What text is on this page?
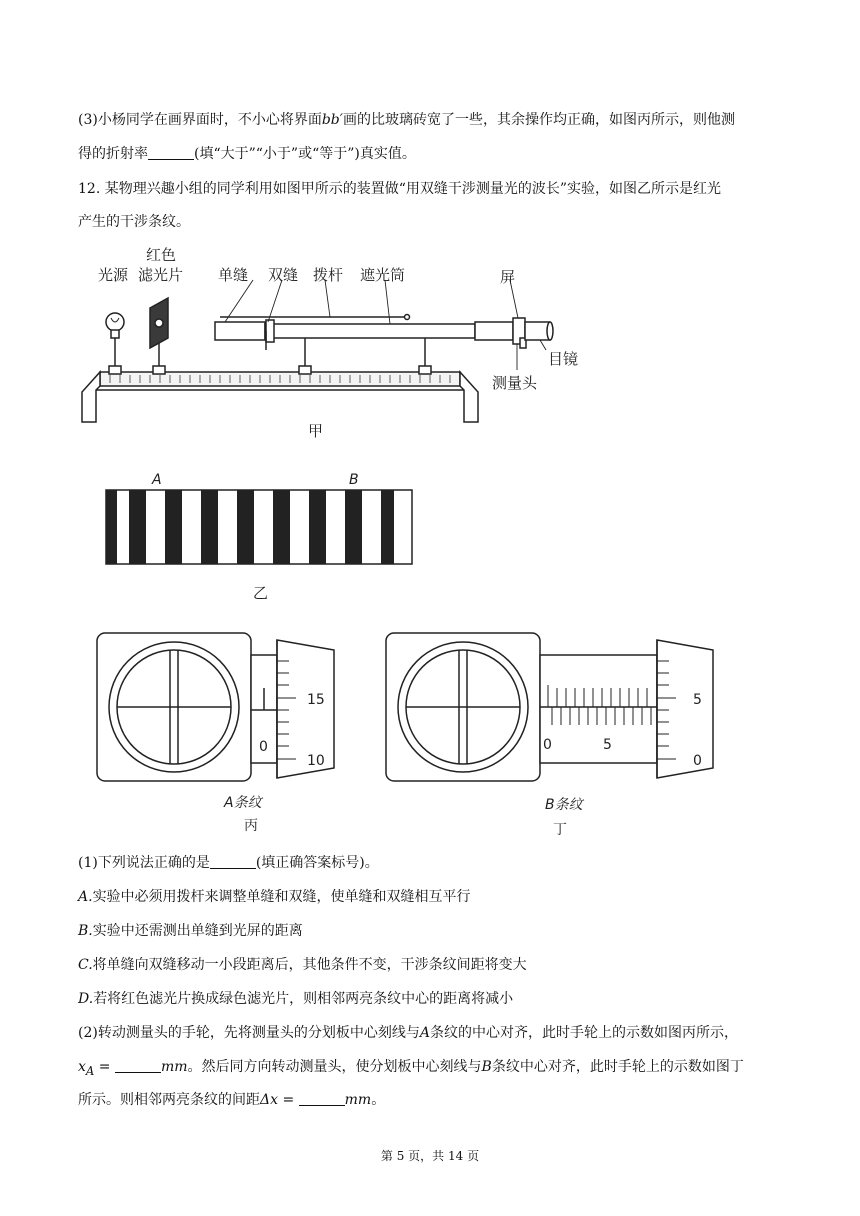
(3)小杨同学在画界面时，不小心将界面bb′画的比玻璃砖宽了一些，其余操作均正确，如图丙所示，则他测

得的折射率	(填“大于”“小于”或“等于”)真实值。

12. 某物理兴趣小组的同学利用如图甲所示的装置做“用双缝干涉测量光的波长”实验，如图乙所示是红光

产生的干涉条纹。

光源
红色
滤光片 单缝 双缝 拨杆 遮光筒	屏
目镜
测量头
甲
A	B
乙
15
0
10
A条纹
丙
5
0	5
0
B条纹
丁

(1)下列说法正确的是	(填正确答案标号)。

A.实验中必须用拨杆来调整单缝和双缝，使单缝和双缝相互平行

B.实验中还需测出单缝到光屏的距离

C.将单缝向双缝移动一小段距离后，其他条件不变，干涉条纹间距将变大

D.若将红色滤光片换成绿色滤光片，则相邻两亮条纹中心的距离将减小

(2)转动测量头的手轮，先将测量头的分划板中心刻线与A条纹的中心对齐，此时手轮上的示数如图丙所示，

$x_A$ =	mm。然后同方向转动测量头，使分划板中心刻线与B条纹中心对齐，此时手轮上的示数如图丁

所示。则相邻两亮条纹的间距Δx =	mm。

第 5 页，共 14 页
